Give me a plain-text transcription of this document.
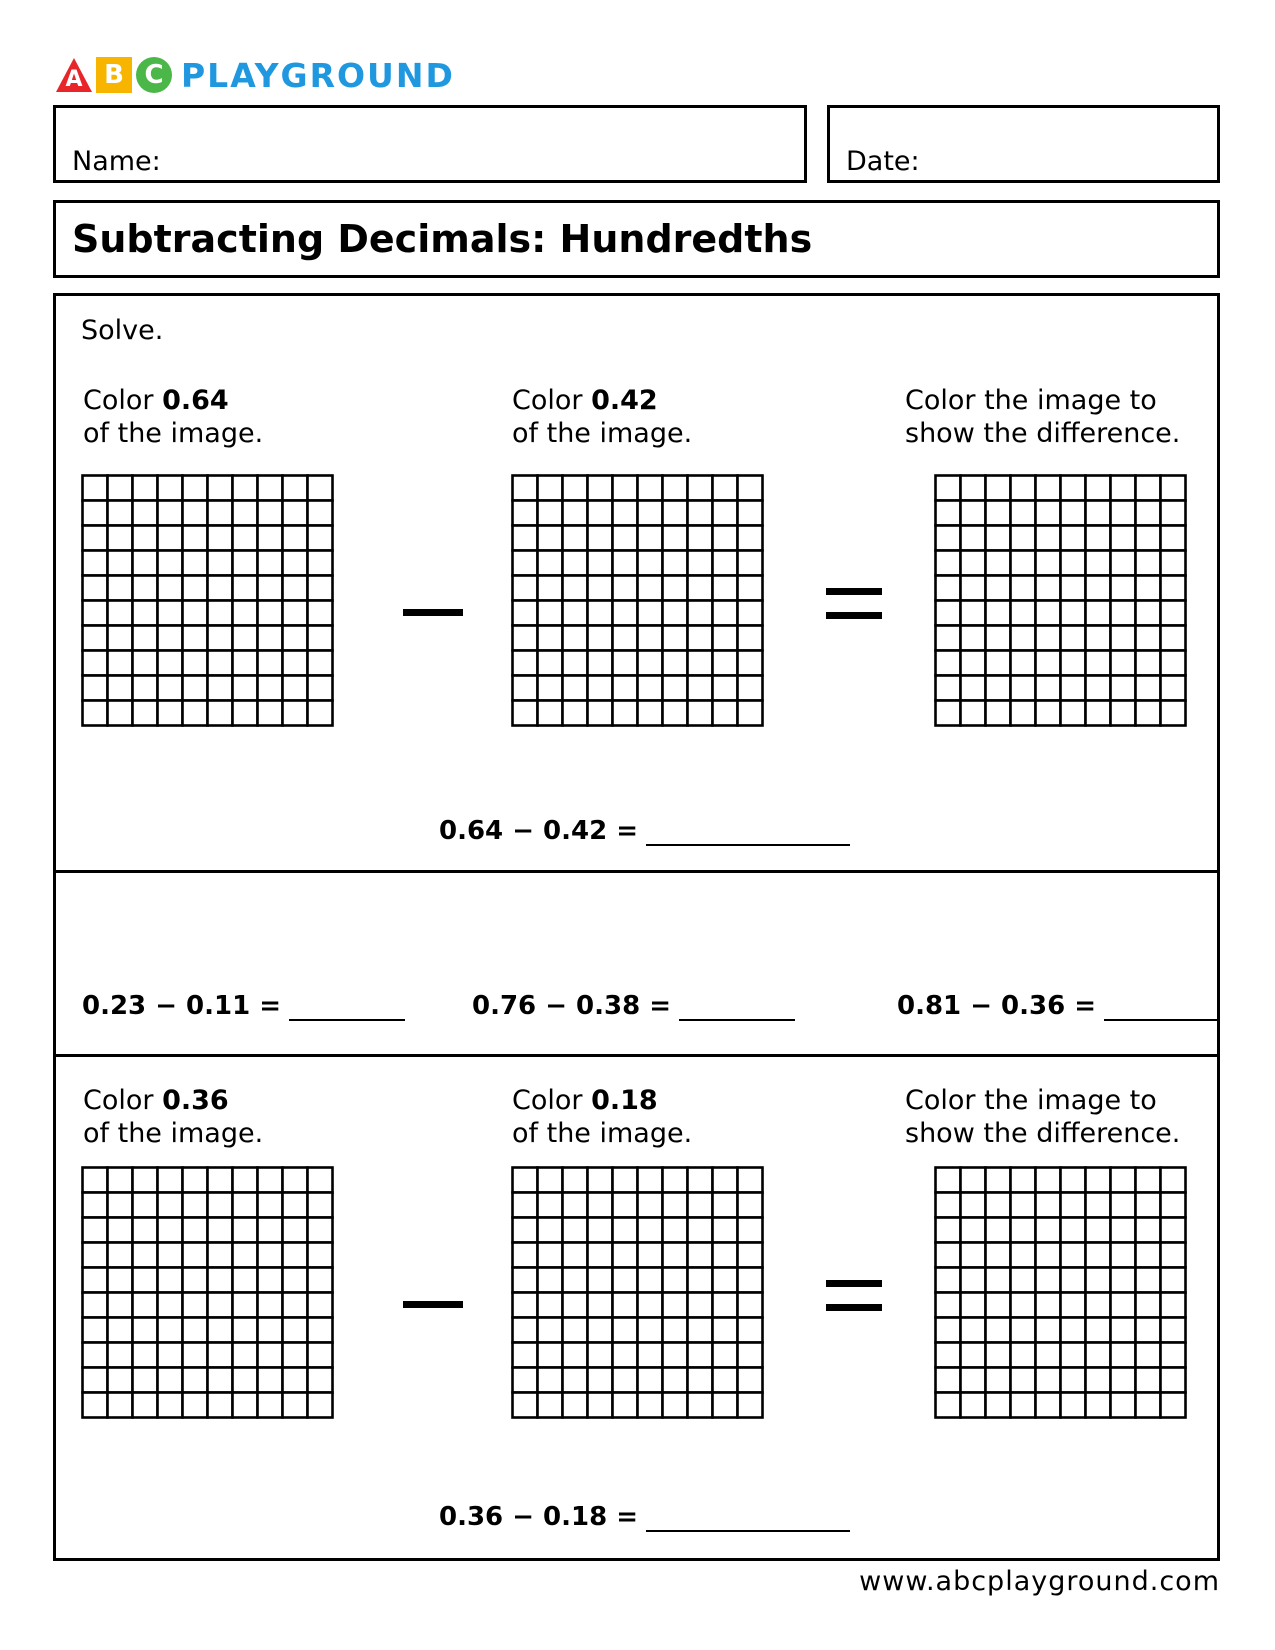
A B C PLAYGROUND
Name:	Date:
Subtracting Decimals: Hundredths
Solve.
Color 0.64
of the image.
Color 0.42
of the image.
Color the image to
show the difference.
0.64 − 0.42 =
0.23 − 0.11 =	0.76 − 0.38 =	0.81 − 0.36 =
Color 0.36
of the image.
Color 0.18
of the image.
Color the image to
show the difference.
0.36 − 0.18 =
www.abcplayground.com
